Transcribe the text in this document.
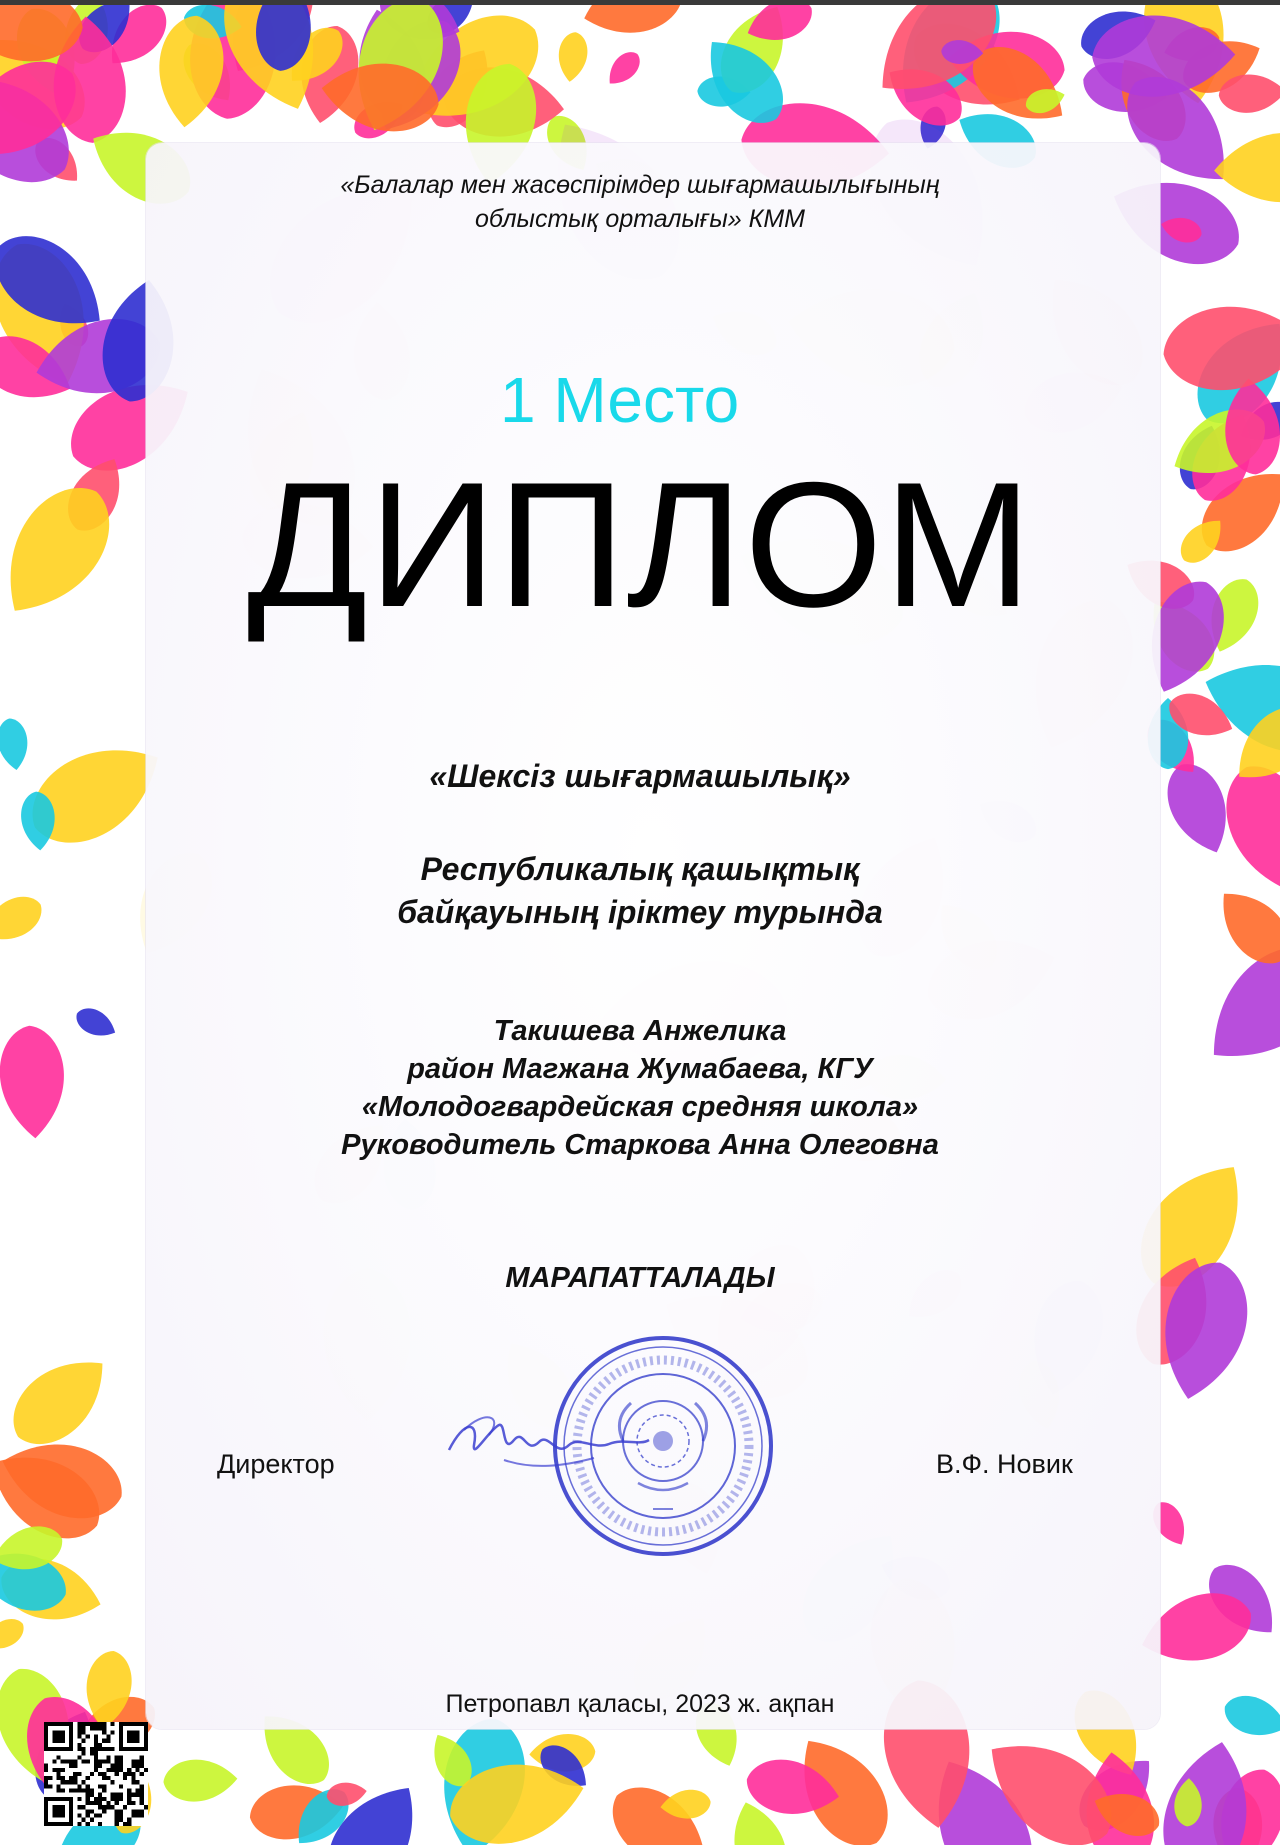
«Балалар мен жасөспірімдер шығармашылығының
облыстық орталығы» КММ
1 Место
ДИПЛОМ
«Шексіз шығармашылық»
Республикалық қашықтық
байқауының іріктеу турында
Такишева Анжелика
район Магжана Жумабаева, КГУ
«Молодогвардейская средняя школа»
Руководитель Старкова Анна Олеговна
МАРАПАТТАЛАДЫ
Директор	В.Ф. Новик
Петропавл қаласы, 2023 ж. ақпан
